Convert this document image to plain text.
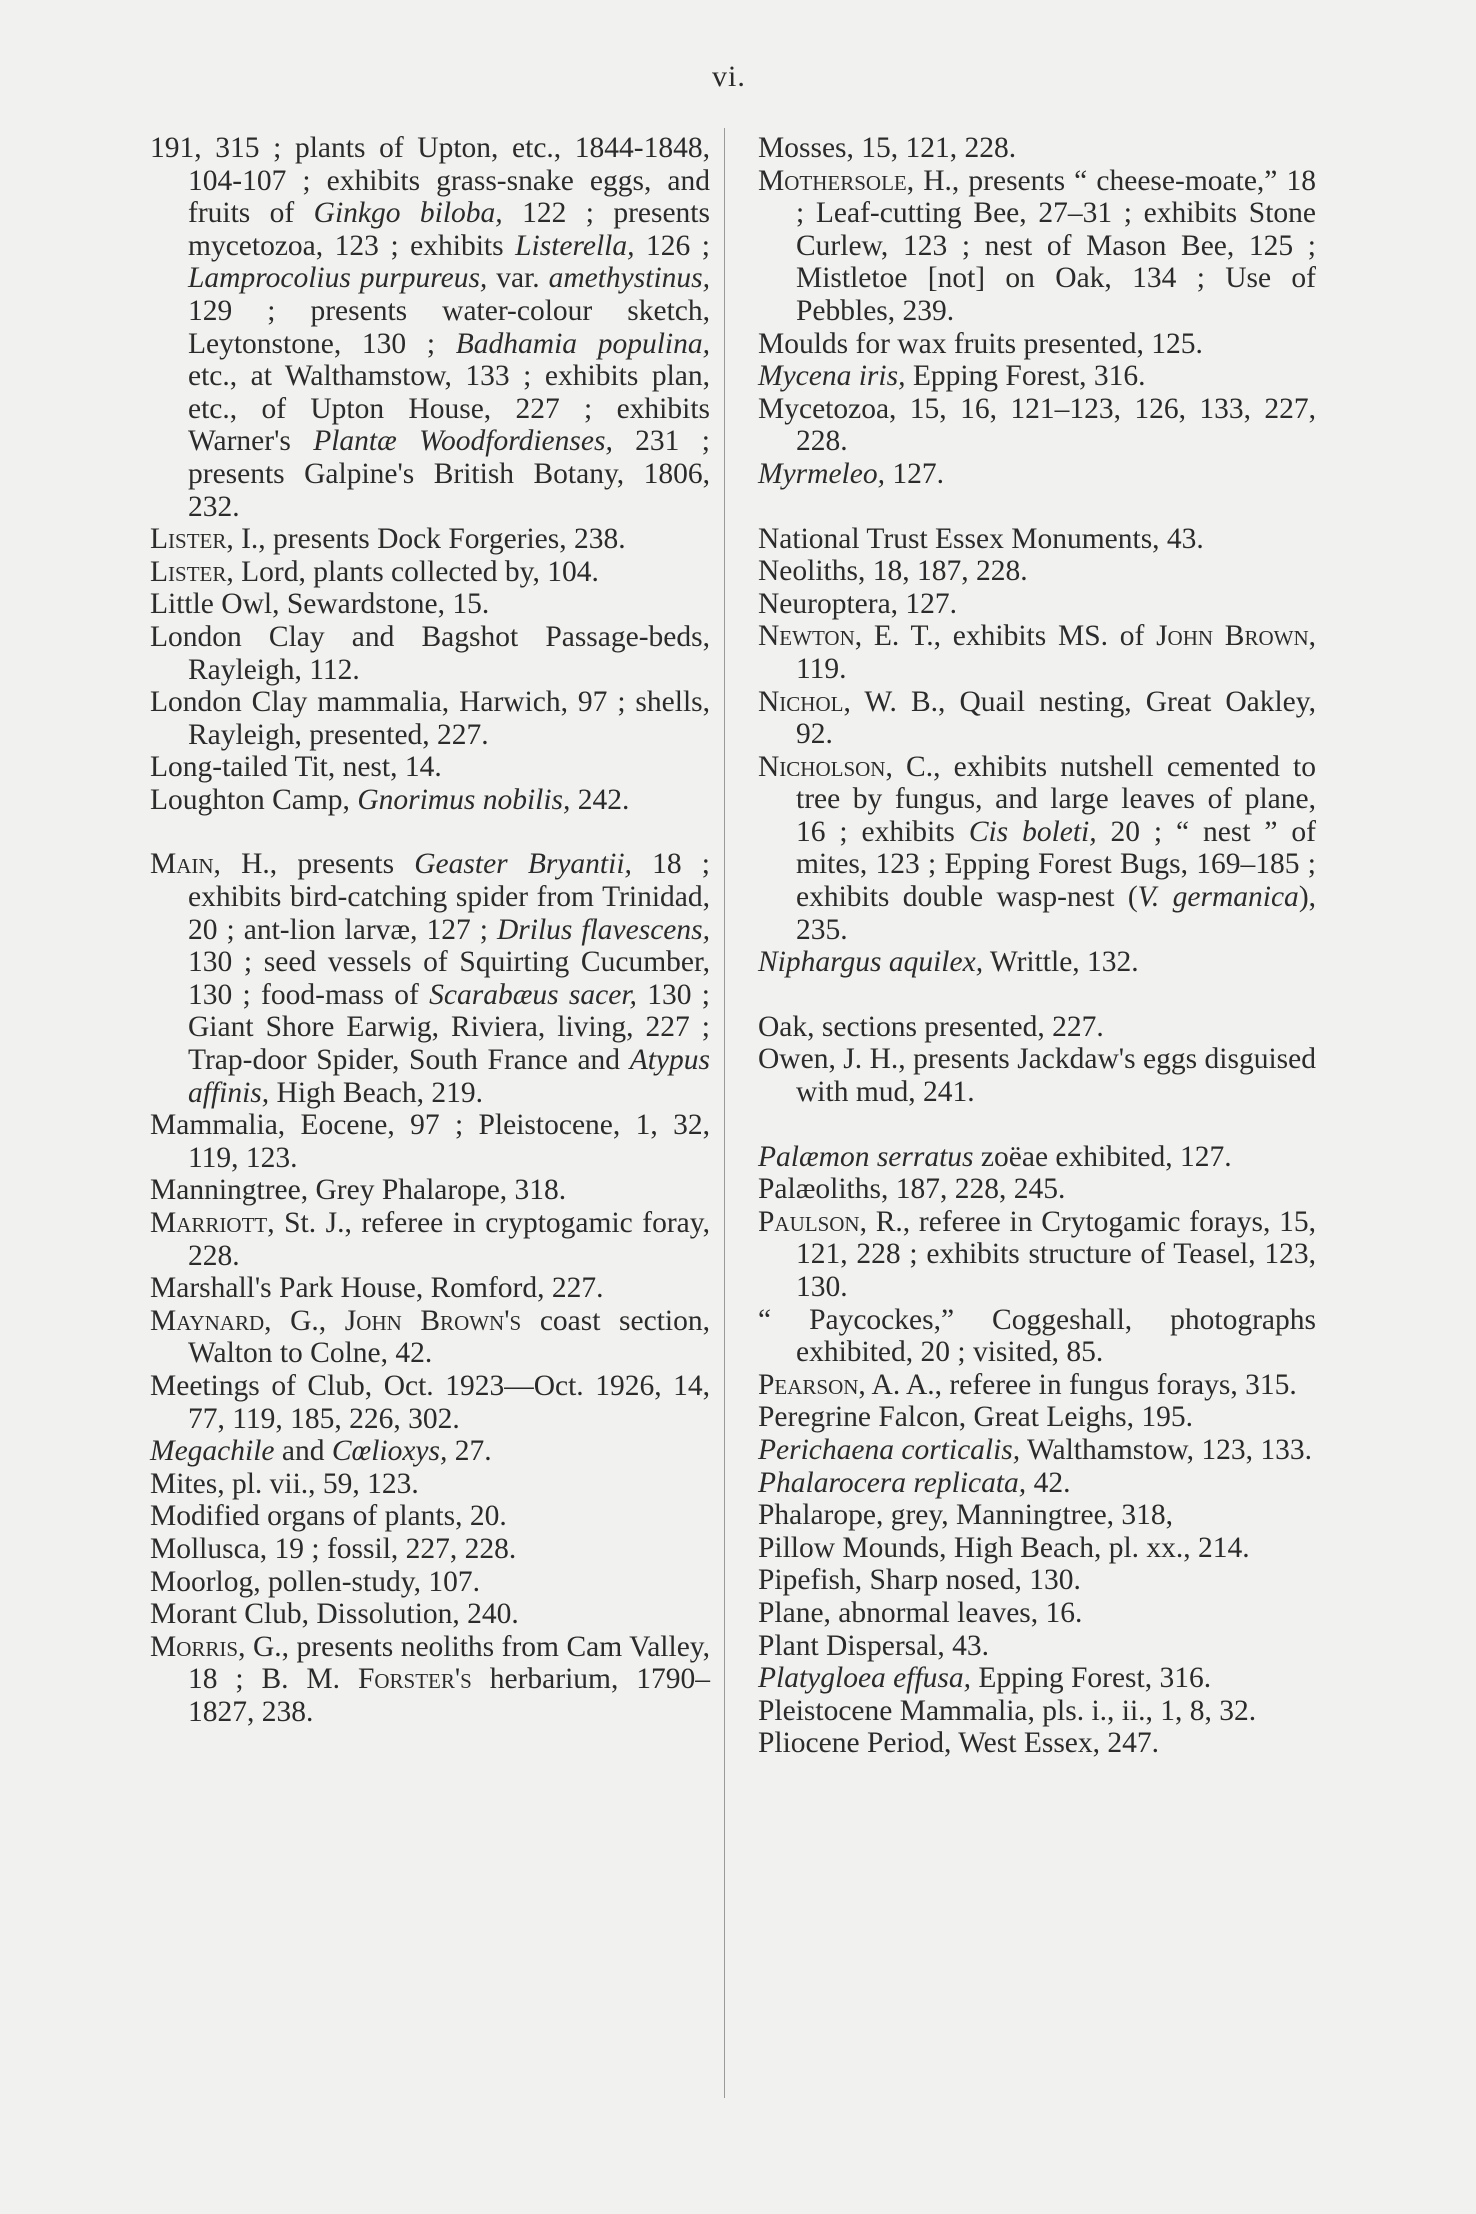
vi.
191, 315 ; plants of Upton, etc., 1844-1848, 104-107 ; exhibits grass-snake eggs, and fruits of Ginkgo biloba, 122 ; presents mycetozoa, 123 ; exhibits Listerella, 126 ; Lamprocolius purpureus, var. amethystinus, 129 ; presents water-colour sketch, Leytonstone, 130 ; Badhamia populina, etc., at Walthamstow, 133 ; exhibits plan, etc., of Upton House, 227 ; exhibits Warner's Plantæ Woodfordienses, 231 ; presents Galpine's British Botany, 1806, 232.
Lister, I., presents Dock Forgeries, 238.
Lister, Lord, plants collected by, 104.
Little Owl, Sewardstone, 15.
London Clay and Bagshot Passage-beds, Rayleigh, 112.
London Clay mammalia, Harwich, 97 ; shells, Rayleigh, presented, 227.
Long-tailed Tit, nest, 14.
Loughton Camp, Gnorimus nobilis, 242.
Main, H., presents Geaster Bryantii, 18 ; exhibits bird-catching spider from Trinidad, 20 ; ant-lion larvæ, 127 ; Drilus flavescens, 130 ; seed vessels of Squirting Cucumber, 130 ; food-mass of Scarabæus sacer, 130 ; Giant Shore Earwig, Riviera, living, 227 ; Trap-door Spider, South France and Atypus affinis, High Beach, 219.
Mammalia, Eocene, 97 ; Pleistocene, 1, 32, 119, 123.
Manningtree, Grey Phalarope, 318.
Marriott, St. J., referee in cryptogamic foray, 228.
Marshall's Park House, Romford, 227.
Maynard, G., John Brown's coast section, Walton to Colne, 42.
Meetings of Club, Oct. 1923—Oct. 1926, 14, 77, 119, 185, 226, 302.
Megachile and Cœlioxys, 27.
Mites, pl. vii., 59, 123.
Modified organs of plants, 20.
Mollusca, 19 ; fossil, 227, 228.
Moorlog, pollen-study, 107.
Morant Club, Dissolution, 240.
Morris, G., presents neoliths from Cam Valley, 18 ; B. M. Forster's herbarium, 1790–1827, 238.
Mosses, 15, 121, 228.
Mothersole, H., presents “ cheese-moate,” 18 ; Leaf-cutting Bee, 27–31 ; exhibits Stone Curlew, 123 ; nest of Mason Bee, 125 ; Mistletoe [not] on Oak, 134 ; Use of Pebbles, 239.
Moulds for wax fruits presented, 125.
Mycena iris, Epping Forest, 316.
Mycetozoa, 15, 16, 121–123, 126, 133, 227, 228.
Myrmeleo, 127.
National Trust Essex Monuments, 43.
Neoliths, 18, 187, 228.
Neuroptera, 127.
Newton, E. T., exhibits MS. of John Brown, 119.
Nichol, W. B., Quail nesting, Great Oakley, 92.
Nicholson, C., exhibits nutshell cemented to tree by fungus, and large leaves of plane, 16 ; exhibits Cis boleti, 20 ; “ nest ” of mites, 123 ; Epping Forest Bugs, 169–185 ; exhibits double wasp-nest (V. germanica), 235.
Niphargus aquilex, Writtle, 132.
Oak, sections presented, 227.
Owen, J. H., presents Jackdaw's eggs disguised with mud, 241.
Palæmon serratus zoëae exhibited, 127.
Palæoliths, 187, 228, 245.
Paulson, R., referee in Crytogamic forays, 15, 121, 228 ; exhibits structure of Teasel, 123, 130.
“ Paycockes,” Coggeshall, photographs exhibited, 20 ; visited, 85.
Pearson, A. A., referee in fungus forays, 315.
Peregrine Falcon, Great Leighs, 195.
Perichaena corticalis, Walthamstow, 123, 133.
Phalarocera replicata, 42.
Phalarope, grey, Manningtree, 318,
Pillow Mounds, High Beach, pl. xx., 214.
Pipefish, Sharp nosed, 130.
Plane, abnormal leaves, 16.
Plant Dispersal, 43.
Platygloea effusa, Epping Forest, 316.
Pleistocene Mammalia, pls. i., ii., 1, 8, 32.
Pliocene Period, West Essex, 247.
